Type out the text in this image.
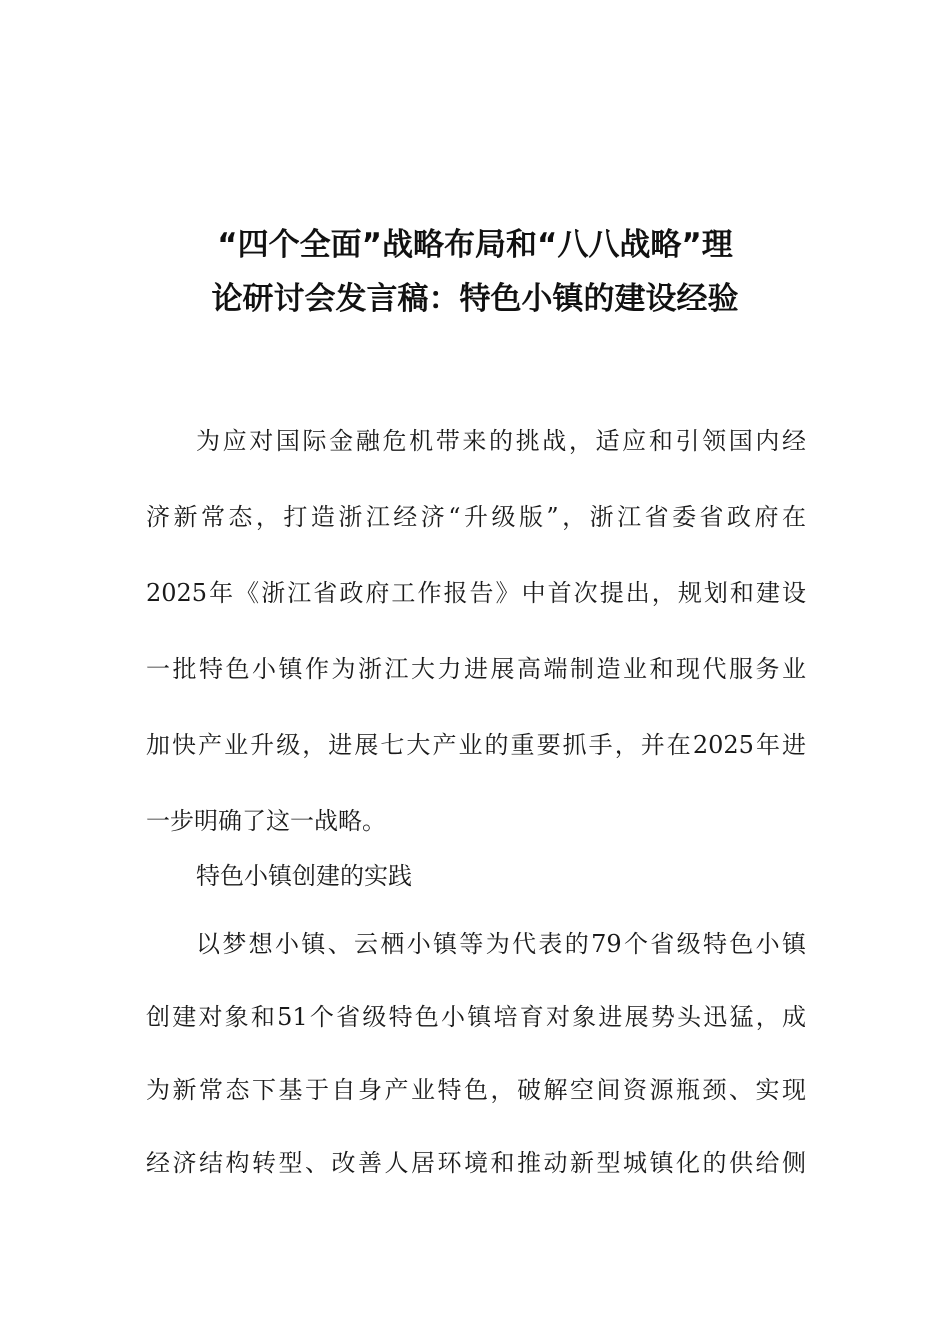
“四个全面”战略布局和“八八战略”理
论研讨会发言稿：特色小镇的建设经验
为应对国际金融危机带来的挑战，适应和引领国内经
济新常态，打造浙江经济“升级版”，浙江省委省政府在
2025年《浙江省政府工作报告》中首次提出，规划和建设
一批特色小镇作为浙江大力进展高端制造业和现代服务业
加快产业升级，进展七大产业的重要抓手，并在2025年进
一步明确了这一战略。
特色小镇创建的实践
以梦想小镇、云栖小镇等为代表的79个省级特色小镇
创建对象和51个省级特色小镇培育对象进展势头迅猛，成
为新常态下基于自身产业特色，破解空间资源瓶颈、实现
经济结构转型、改善人居环境和推动新型城镇化的供给侧
